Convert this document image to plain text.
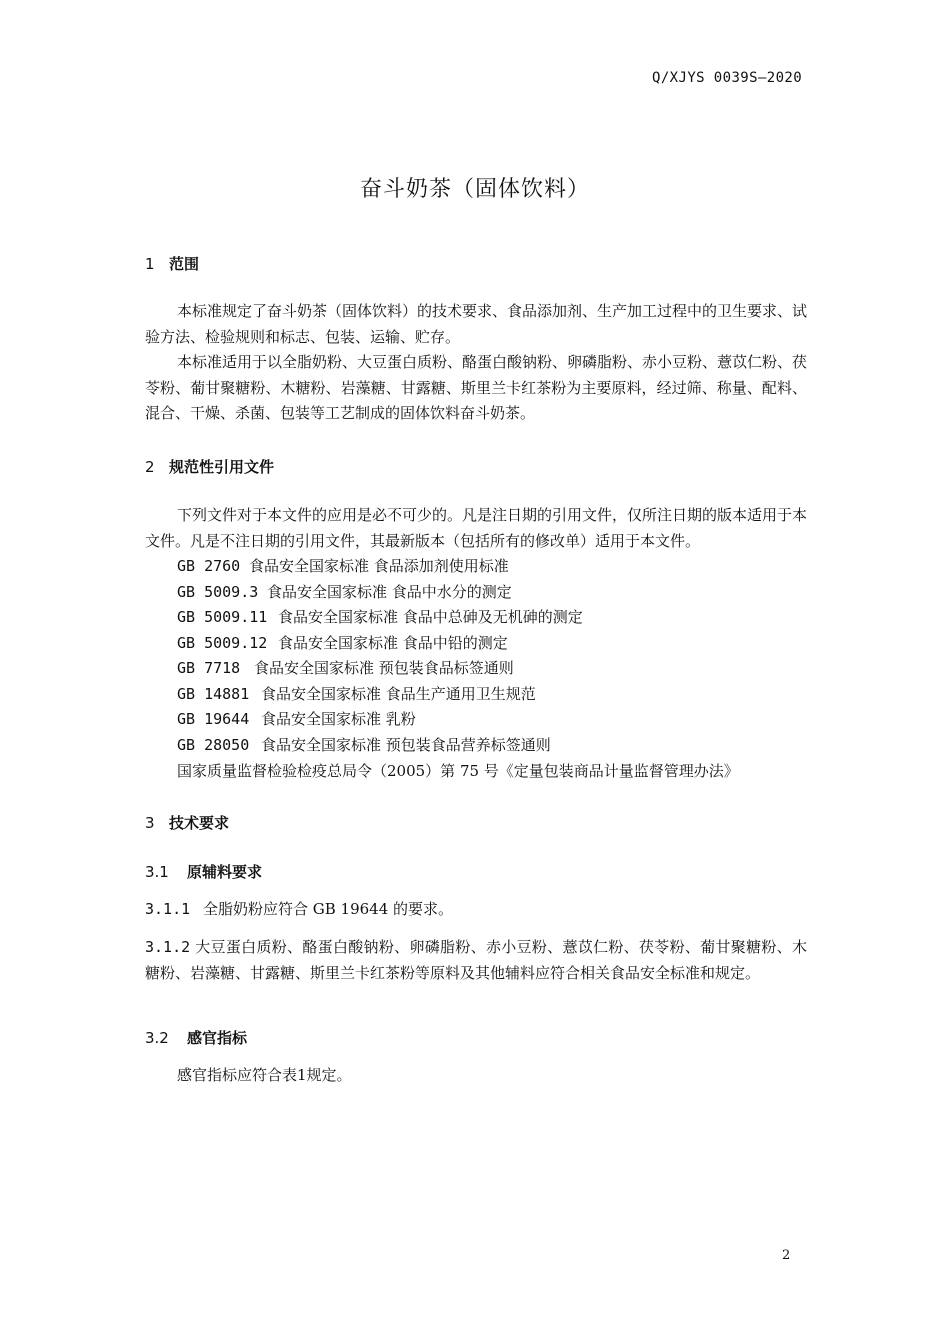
Q/XJYS 0039S—2020
奋斗奶茶（固体饮料）
1 范围
本标准规定了奋斗奶茶（固体饮料）的技术要求、食品添加剂、生产加工过程中的卫生要求、试验方法、检验规则和标志、包装、运输、贮存。
本标准适用于以全脂奶粉、大豆蛋白质粉、酪蛋白酸钠粉、卵磷脂粉、赤小豆粉、薏苡仁粉、茯苓粉、葡甘聚糖粉、木糖粉、岩藻糖、甘露糖、斯里兰卡红茶粉为主要原料，经过筛、称量、配料、混合、干燥、杀菌、包装等工艺制成的固体饮料奋斗奶茶。
2 规范性引用文件
下列文件对于本文件的应用是必不可少的。凡是注日期的引用文件，仅所注日期的版本适用于本文件。凡是不注日期的引用文件，其最新版本（包括所有的修改单）适用于本文件。
GB 2760 食品安全国家标准 食品添加剂使用标准
GB 5009.3 食品安全国家标准 食品中水分的测定
GB 5009.11 食品安全国家标准 食品中总砷及无机砷的测定
GB 5009.12 食品安全国家标准 食品中铅的测定
GB 7718 食品安全国家标准 预包装食品标签通则
GB 14881 食品安全国家标准 食品生产通用卫生规范
GB 19644 食品安全国家标准 乳粉
GB 28050 食品安全国家标准 预包装食品营养标签通则
国家质量监督检验检疫总局令（2005）第 75 号《定量包装商品计量监督管理办法》
3 技术要求
3.1 原辅料要求
3.1.1 全脂奶粉应符合 GB 19644 的要求。
3.1.2 大豆蛋白质粉、酪蛋白酸钠粉、卵磷脂粉、赤小豆粉、薏苡仁粉、茯苓粉、葡甘聚糖粉、木糖粉、岩藻糖、甘露糖、斯里兰卡红茶粉等原料及其他辅料应符合相关食品安全标准和规定。
3.2 感官指标
感官指标应符合表1规定。
2
